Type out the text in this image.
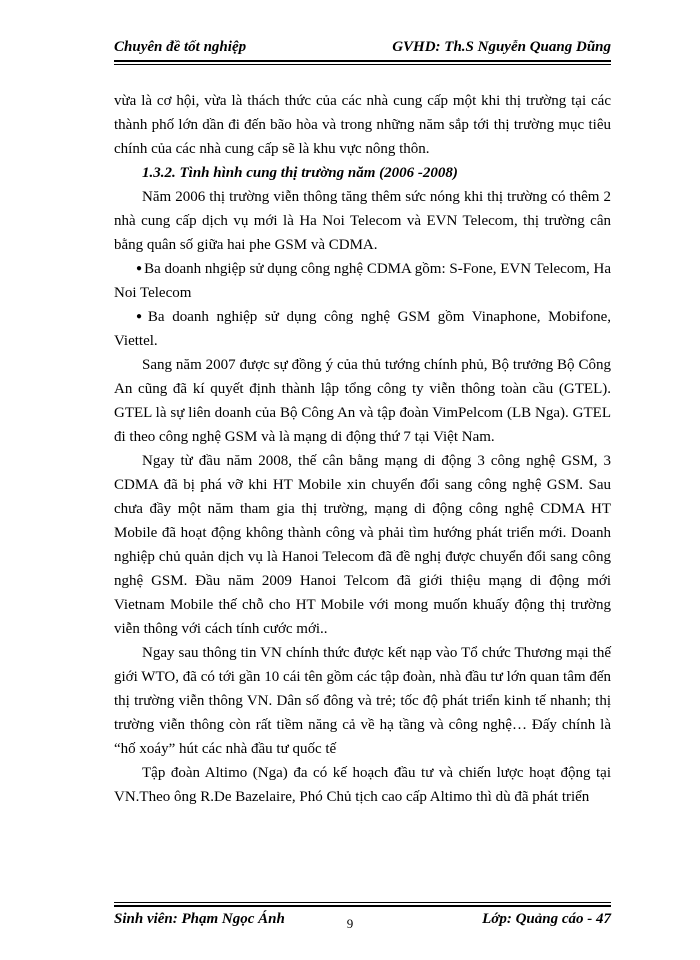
Chuyên đề tốt nghiệp	GVHD: Th.S Nguyễn Quang Dũng

vừa là cơ hội, vừa là thách thức của các nhà cung cấp một khi thị trường tại các thành phố lớn dần đi đến bão hòa và trong những năm sắp tới thị trường mục tiêu chính của các nhà cung cấp sẽ là khu vực nông thôn.

1.3.2. Tình hình cung thị trường năm (2006 -2008)

Năm 2006 thị trường viễn thông tăng thêm sức nóng khi thị trường có thêm 2 nhà cung cấp dịch vụ mới là Ha Noi Telecom và EVN Telecom, thị trường cân bằng quân số giữa hai phe GSM và CDMA.

● Ba doanh nhgiệp sử dụng công nghệ CDMA gồm: S-Fone, EVN Telecom, Ha Noi Telecom

● Ba doanh nghiệp sử dụng công nghệ GSM gồm Vinaphone, Mobifone, Viettel.

Sang năm 2007 được sự đồng ý của thủ tướng chính phủ, Bộ trưởng Bộ Công An cũng đã kí quyết định thành lập tổng công ty viễn thông toàn cầu (GTEL). GTEL là sự liên doanh của Bộ Công An và tập đoàn VimPelcom (LB Nga). GTEL đi theo công nghệ GSM và là mạng di động thứ 7 tại Việt Nam.

Ngay từ đầu năm 2008, thế cân bằng mạng di động 3 công nghệ GSM, 3 CDMA đã bị phá vỡ khi HT Mobile xin chuyển đổi sang công nghệ GSM. Sau chưa đầy một năm tham gia thị trường, mạng di động công nghệ CDMA HT Mobile đã hoạt động không thành công và phải tìm hướng phát triển mới. Doanh nghiệp chủ quản dịch vụ là Hanoi Telecom đã đề nghị được chuyển đổi sang công nghệ GSM. Đầu năm 2009 Hanoi Telcom đã giới thiệu mạng di động mới Vietnam Mobile thế chỗ cho HT Mobile với mong muốn khuấy động thị trường viễn thông với cách tính cước mới..

Ngay sau thông tin VN chính thức được kết nạp vào Tổ chức Thương mại thế giới WTO, đã có tới gần 10 cái tên gồm các tập đoàn, nhà đầu tư lớn quan tâm đến thị trường viễn thông VN. Dân số đông và trẻ; tốc độ phát triển kinh tế nhanh; thị trường viễn thông còn rất tiềm năng cả về hạ tầng và công nghệ… Đấy chính là “hố xoáy” hút các nhà đầu tư quốc tế

Tập đoàn Altimo (Nga) đa có kế hoạch đầu tư và chiến lược hoạt động tại VN.Theo ông R.De Bazelaire, Phó Chủ tịch cao cấp Altimo thì dù đã phát triển

Sinh viên: Phạm Ngọc Ánh	Lớp: Quảng cáo - 47
9
